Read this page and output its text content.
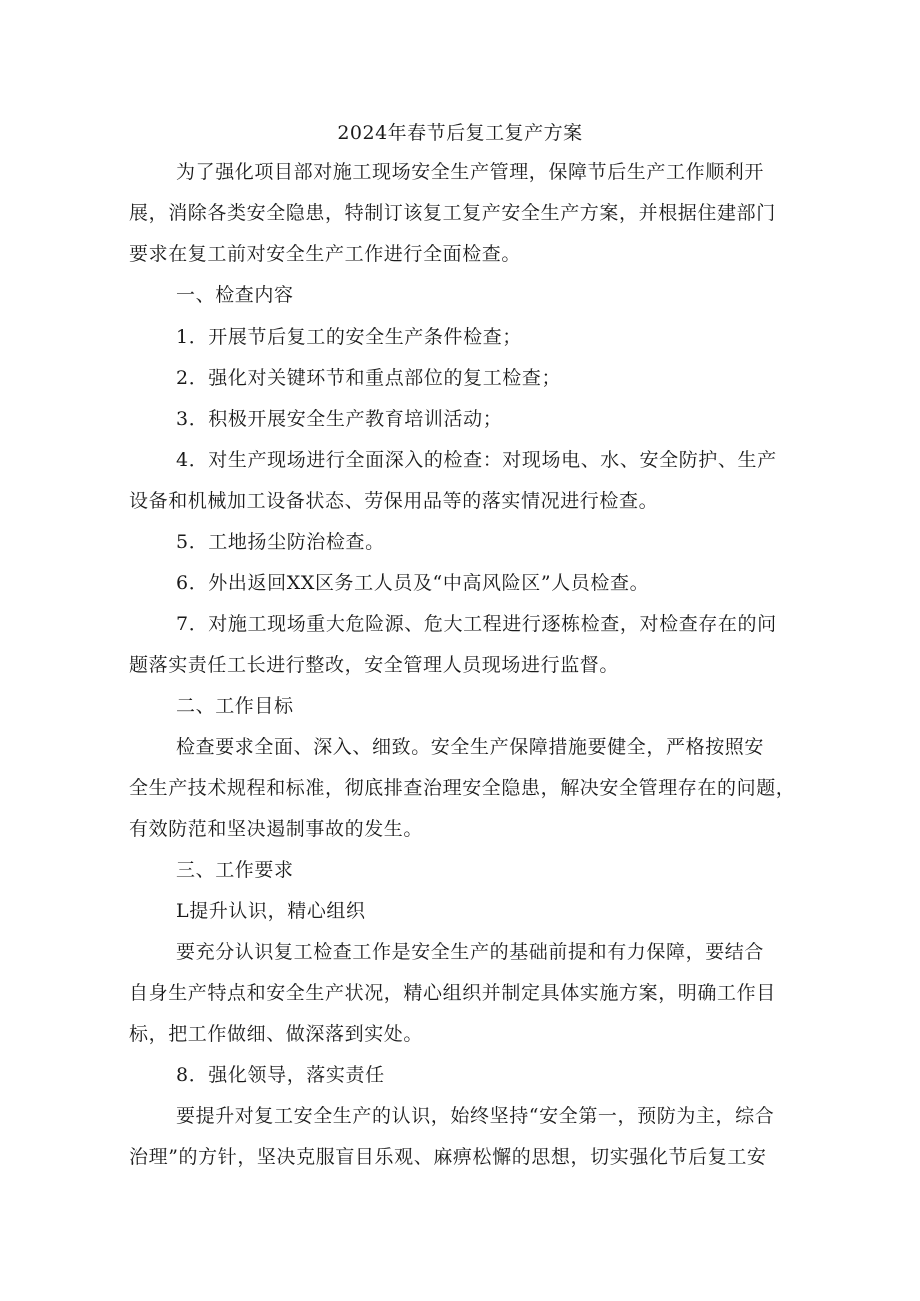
2024年春节后复工复产方案
为了强化项目部对施工现场安全生产管理，保障节后生产工作顺利开
展，消除各类安全隐患，特制订该复工复产安全生产方案，并根据住建部门
要求在复工前对安全生产工作进行全面检查。
一、检查内容
1．开展节后复工的安全生产条件检查；
2．强化对关键环节和重点部位的复工检查；
3．积极开展安全生产教育培训活动；
4．对生产现场进行全面深入的检查：对现场电、水、安全防护、生产
设备和机械加工设备状态、劳保用品等的落实情况进行检查。
5．工地扬尘防治检查。
6．外出返回XX区务工人员及“中高风险区”人员检查。
7．对施工现场重大危险源、危大工程进行逐栋检查，对检查存在的问
题落实责任工长进行整改，安全管理人员现场进行监督。
二、工作目标
检查要求全面、深入、细致。安全生产保障措施要健全，严格按照安
全生产技术规程和标准，彻底排查治理安全隐患，解决安全管理存在的问题，
有效防范和坚决遏制事故的发生。
三、工作要求
L提升认识，精心组织
要充分认识复工检查工作是安全生产的基础前提和有力保障，要结合
自身生产特点和安全生产状况，精心组织并制定具体实施方案，明确工作目
标，把工作做细、做深落到实处。
8．强化领导，落实责任
要提升对复工安全生产的认识，始终坚持“安全第一，预防为主，综合
治理”的方针，坚决克服盲目乐观、麻痹松懈的思想，切实强化节后复工安
